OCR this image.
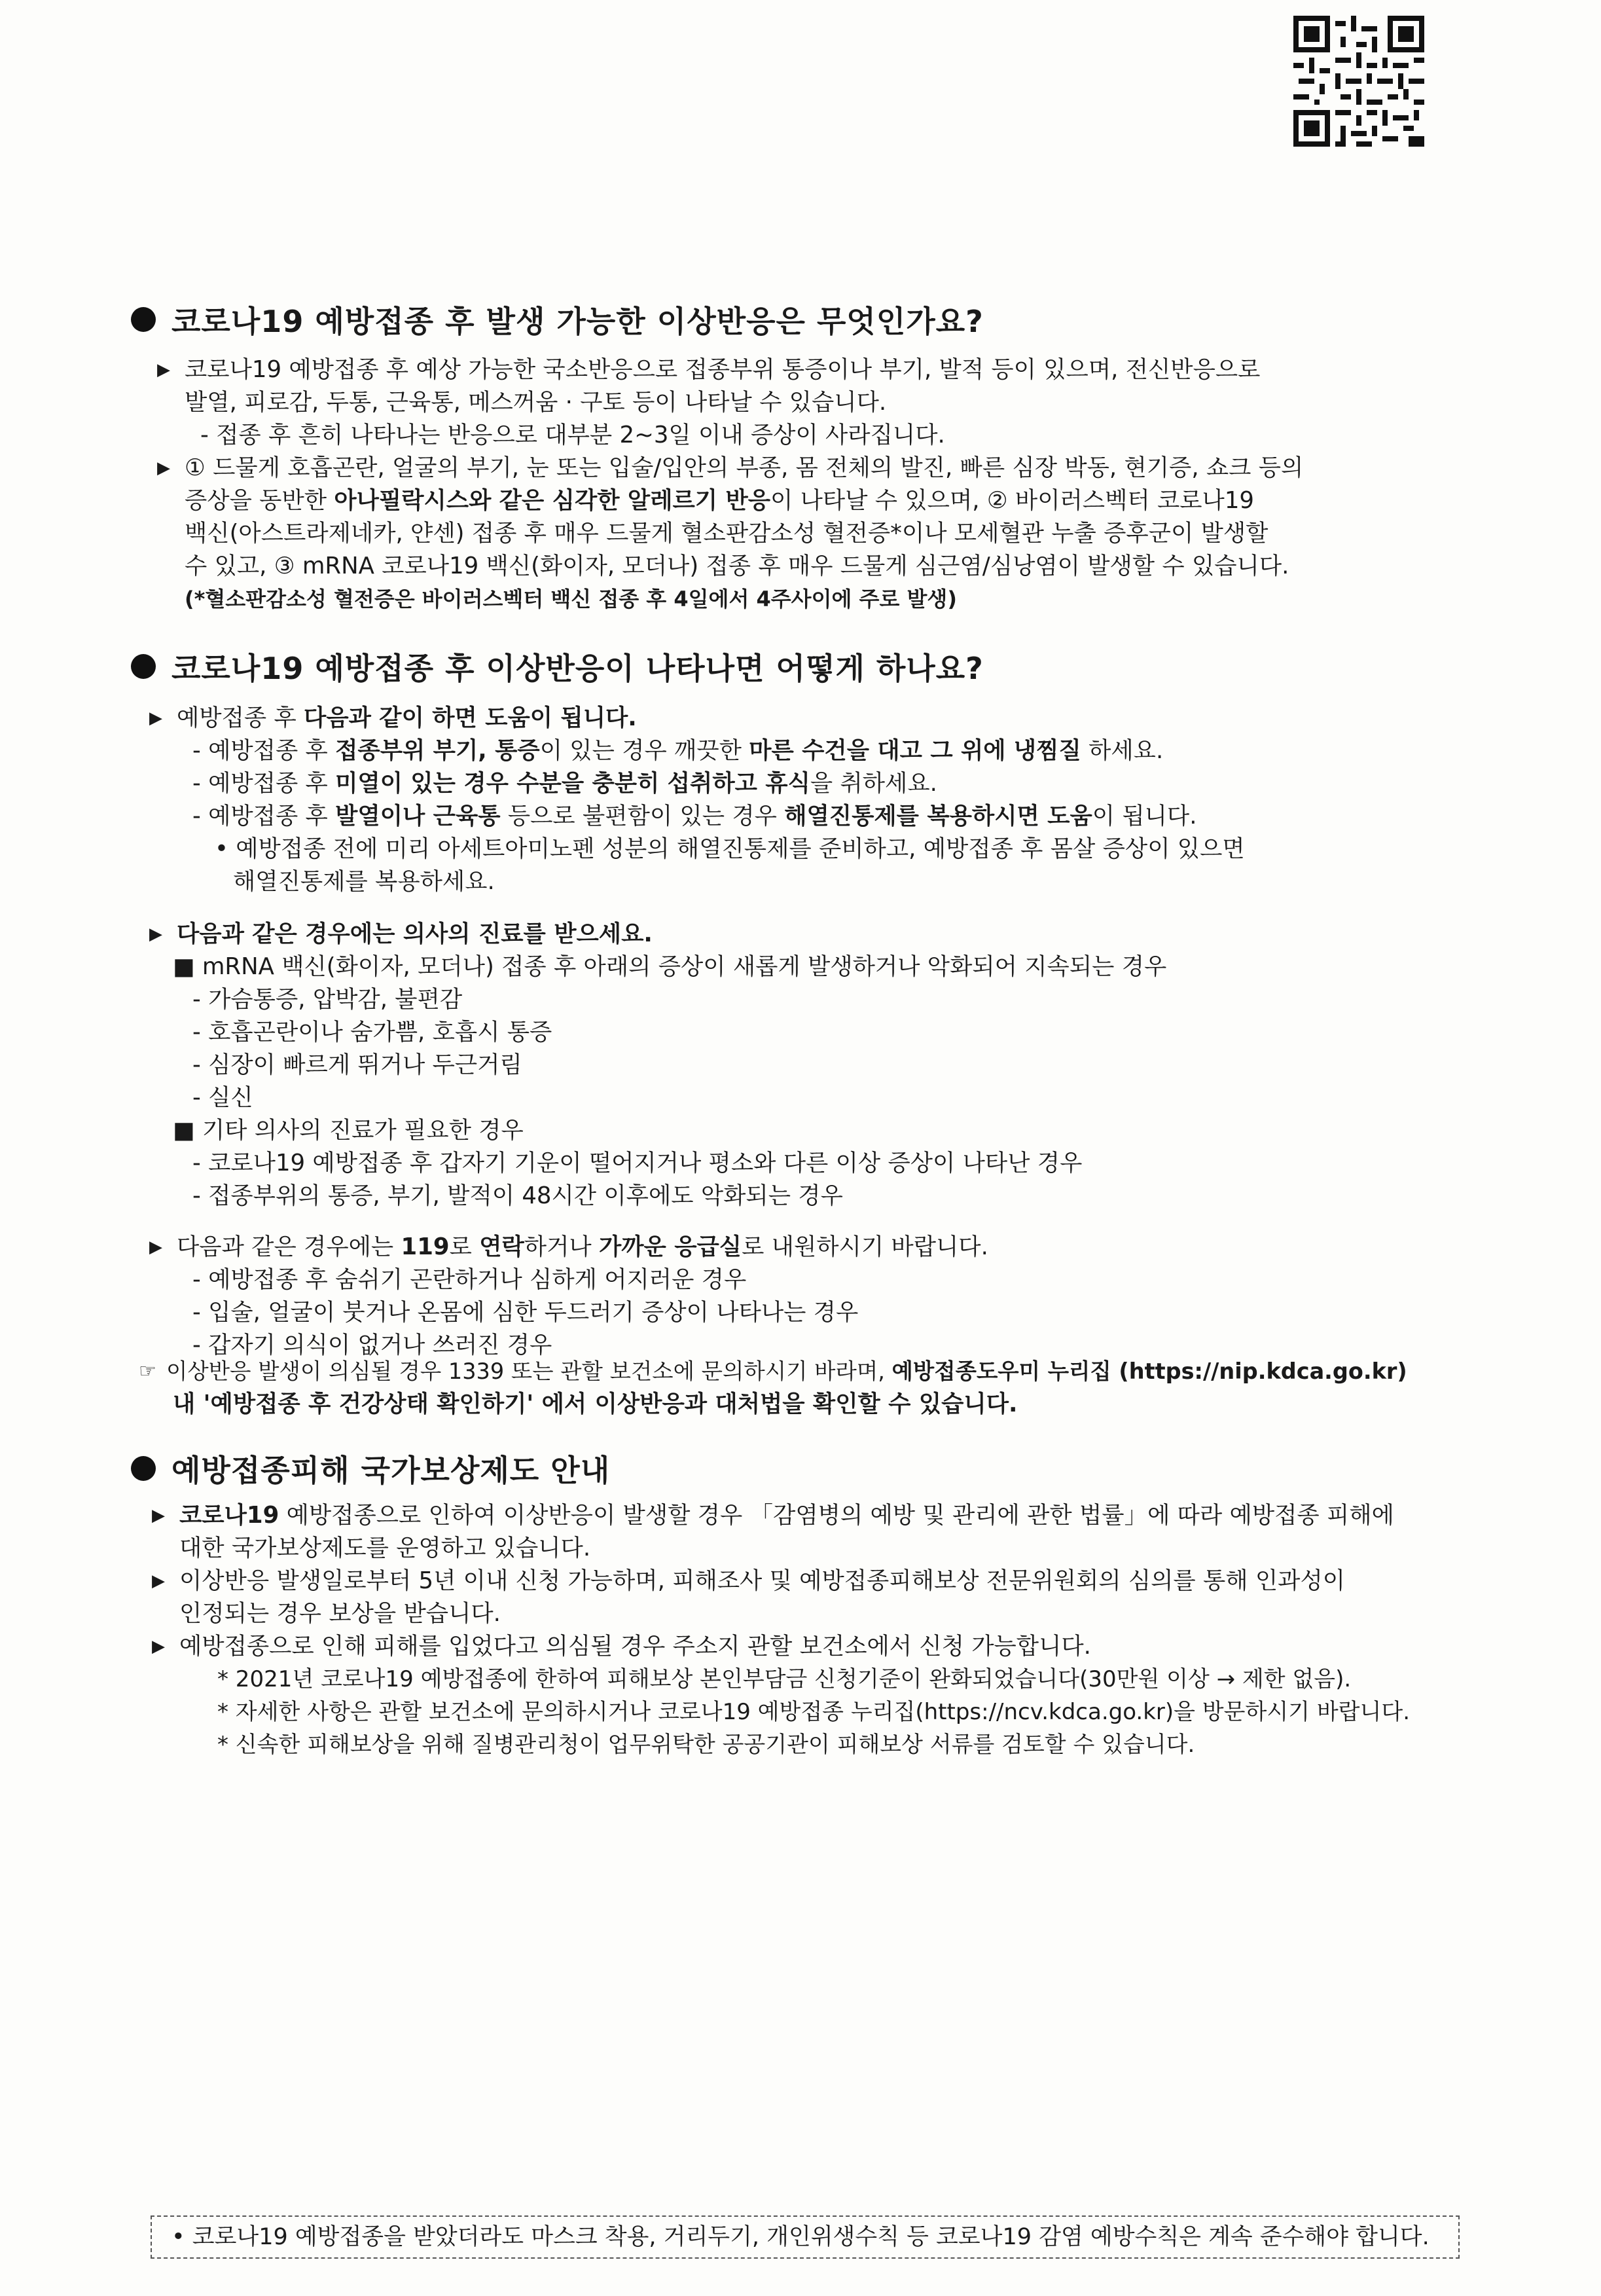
코로나19 예방접종 후 발생 가능한 이상반응은 무엇인가요?
▶ 코로나19 예방접종 후 예상 가능한 국소반응으로 접종부위 통증이나 부기, 발적 등이 있으며, 전신반응으로
발열, 피로감, 두통, 근육통, 메스꺼움 · 구토 등이 나타날 수 있습니다.
- 접종 후 흔히 나타나는 반응으로 대부분 2~3일 이내 증상이 사라집니다.
▶ ① 드물게 호흡곤란, 얼굴의 부기, 눈 또는 입술/입안의 부종, 몸 전체의 발진, 빠른 심장 박동, 현기증, 쇼크 등의
증상을 동반한 아나필락시스와 같은 심각한 알레르기 반응이 나타날 수 있으며, ② 바이러스벡터 코로나19
백신(아스트라제네카, 얀센) 접종 후 매우 드물게 혈소판감소성 혈전증*이나 모세혈관 누출 증후군이 발생할
수 있고, ③ mRNA 코로나19 백신(화이자, 모더나) 접종 후 매우 드물게 심근염/심낭염이 발생할 수 있습니다.
(*혈소판감소성 혈전증은 바이러스벡터 백신 접종 후 4일에서 4주사이에 주로 발생)
코로나19 예방접종 후 이상반응이 나타나면 어떻게 하나요?
▶ 예방접종 후 다음과 같이 하면 도움이 됩니다.
- 예방접종 후 접종부위 부기, 통증이 있는 경우 깨끗한 마른 수건을 대고 그 위에 냉찜질 하세요.
- 예방접종 후 미열이 있는 경우 수분을 충분히 섭취하고 휴식을 취하세요.
- 예방접종 후 발열이나 근육통 등으로 불편함이 있는 경우 해열진통제를 복용하시면 도움이 됩니다.
• 예방접종 전에 미리 아세트아미노펜 성분의 해열진통제를 준비하고, 예방접종 후 몸살 증상이 있으면
해열진통제를 복용하세요.
▶ 다음과 같은 경우에는 의사의 진료를 받으세요.
■ mRNA 백신(화이자, 모더나) 접종 후 아래의 증상이 새롭게 발생하거나 악화되어 지속되는 경우
- 가슴통증, 압박감, 불편감
- 호흡곤란이나 숨가쁨, 호흡시 통증
- 심장이 빠르게 뛰거나 두근거림
- 실신
■ 기타 의사의 진료가 필요한 경우
- 코로나19 예방접종 후 갑자기 기운이 떨어지거나 평소와 다른 이상 증상이 나타난 경우
- 접종부위의 통증, 부기, 발적이 48시간 이후에도 악화되는 경우
▶ 다음과 같은 경우에는 119로 연락하거나 가까운 응급실로 내원하시기 바랍니다.
- 예방접종 후 숨쉬기 곤란하거나 심하게 어지러운 경우
- 입술, 얼굴이 붓거나 온몸에 심한 두드러기 증상이 나타나는 경우
- 갑자기 의식이 없거나 쓰러진 경우
☞ 이상반응 발생이 의심될 경우 1339 또는 관할 보건소에 문의하시기 바라며, 예방접종도우미 누리집 (https://nip.kdca.go.kr)
내 '예방접종 후 건강상태 확인하기' 에서 이상반응과 대처법을 확인할 수 있습니다.
예방접종피해 국가보상제도 안내
▶ 코로나19 예방접종으로 인하여 이상반응이 발생할 경우 「감염병의 예방 및 관리에 관한 법률」에 따라 예방접종 피해에
대한 국가보상제도를 운영하고 있습니다.
▶ 이상반응 발생일로부터 5년 이내 신청 가능하며, 피해조사 및 예방접종피해보상 전문위원회의 심의를 통해 인과성이
인정되는 경우 보상을 받습니다.
▶ 예방접종으로 인해 피해를 입었다고 의심될 경우 주소지 관할 보건소에서 신청 가능합니다.
* 2021년 코로나19 예방접종에 한하여 피해보상 본인부담금 신청기준이 완화되었습니다(30만원 이상 → 제한 없음).
* 자세한 사항은 관할 보건소에 문의하시거나 코로나19 예방접종 누리집(https://ncv.kdca.go.kr)을 방문하시기 바랍니다.
* 신속한 피해보상을 위해 질병관리청이 업무위탁한 공공기관이 피해보상 서류를 검토할 수 있습니다.
• 코로나19 예방접종을 받았더라도 마스크 착용, 거리두기, 개인위생수칙 등 코로나19 감염 예방수칙은 계속 준수해야 합니다.
